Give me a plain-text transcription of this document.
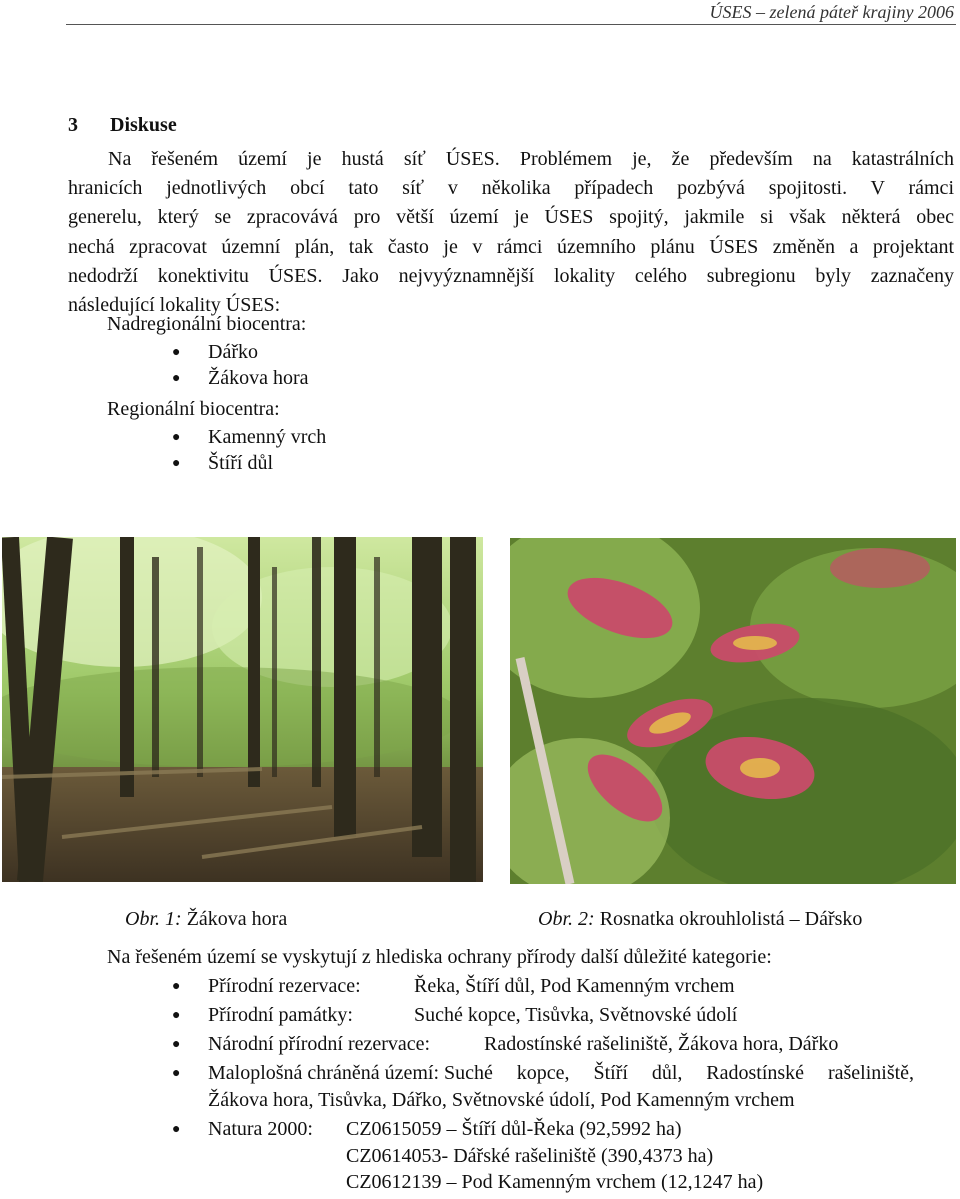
ÚSES – zelená páteř krajiny 2006
3 Diskuse
Na řešeném území je hustá síť ÚSES. Problémem je, že především na katastrálních
hranicích jednotlivých obcí tato síť v několika případech pozbývá spojitosti. V rámci
generelu, který se zpracovává pro větší území je ÚSES spojitý, jakmile si však některá obec
nechá zpracovat územní plán, tak často je v rámci územního plánu ÚSES změněn a projektant
nedodrží konektivitu ÚSES. Jako nejvyýznamnější lokality celého subregionu byly zaznačeny
následující lokality ÚSES:
Nadregionální biocentra:
● Dářko
● Žákova hora
Regionální biocentra:
● Kamenný vrch
● Štíří důl
Obr. 1: Žákova hora	Obr. 2: Rosnatka okrouhlolistá – Dářsko
Na řešeném území se vyskytují z hlediska ochrany přírody další důležité kategorie:
● Přírodní rezervace:	Řeka, Štíří důl, Pod Kamenným vrchem
● Přírodní památky:	Suché kopce, Tisůvka, Světnovské údolí
● Národní přírodní rezervace:	Radostínské rašeliniště, Žákova hora, Dářko
● Maloplošná chráněná území: Suché kopce, Štíří důl, Radostínské rašeliniště,
Žákova hora, Tisůvka, Dářko, Světnovské údolí, Pod Kamenným vrchem
● Natura 2000: CZ0615059 – Štíří důl-Řeka (92,5992 ha)
CZ0614053- Dářské rašeliniště (390,4373 ha)
CZ0612139 – Pod Kamenným vrchem (12,1247 ha)
